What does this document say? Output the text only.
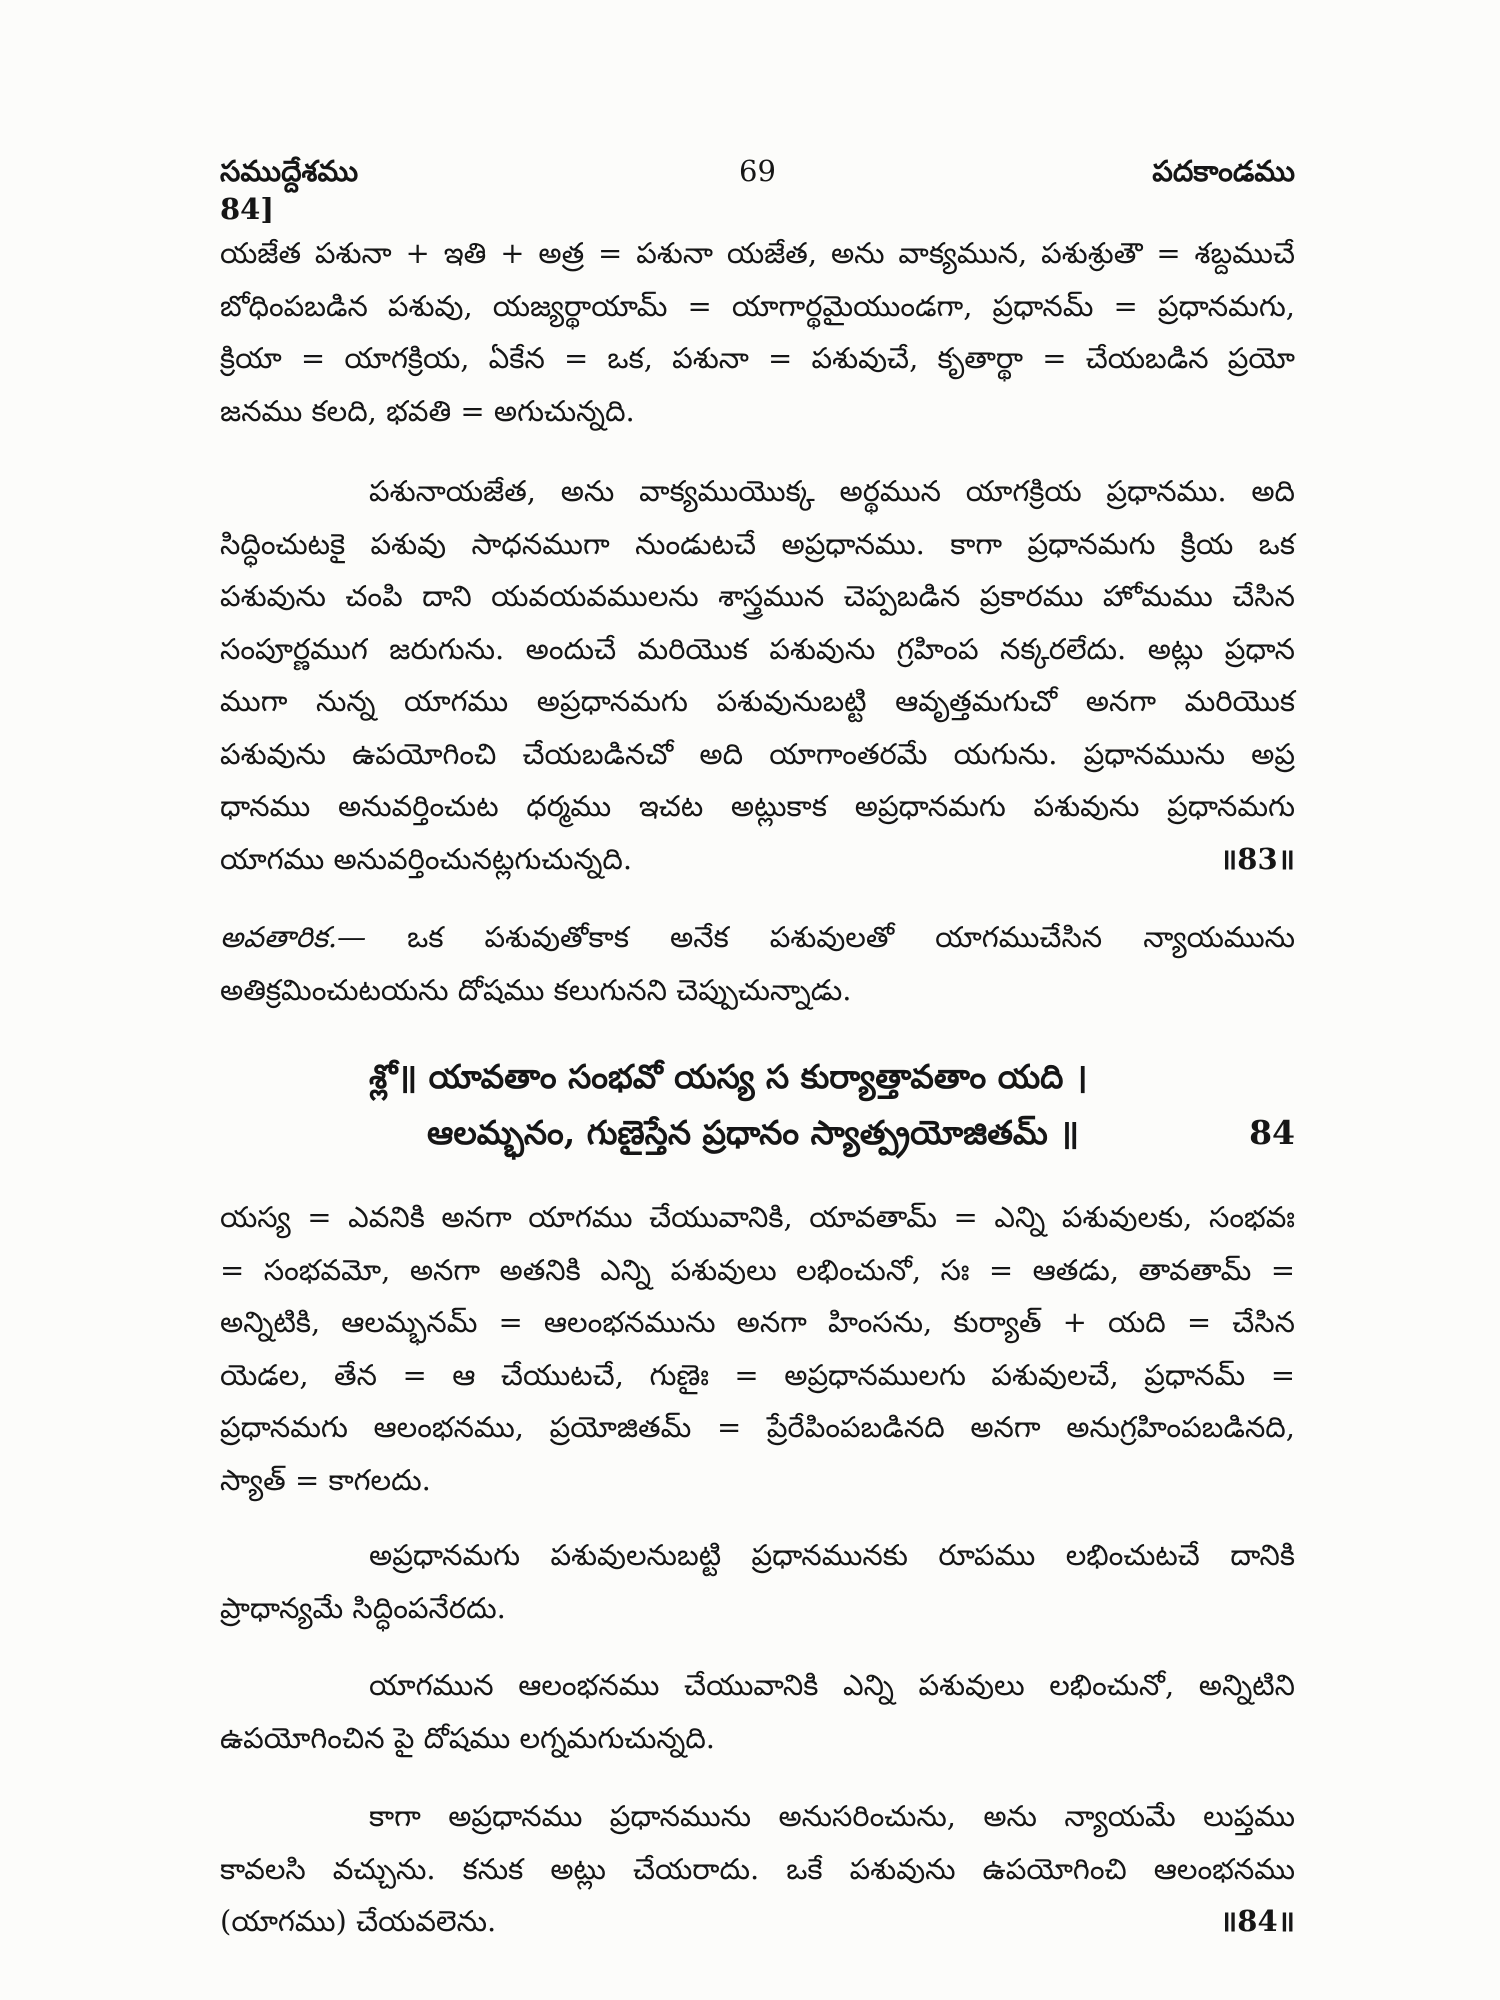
సముద్దేశము	69	పదకాండము
84]
యజేత పశునా + ఇతి + అత్ర = పశునా యజేత, అను వాక్యమున, పశుశ్రుతౌ = శబ్దముచే
బోధింపబడిన పశువు, యజ్యర్థాయామ్ = యాగార్థమైయుండగా, ప్రధానమ్ = ప్రధానమగు,
క్రియా = యాగక్రియ, ఏకేన = ఒక, పశునా = పశువుచే, కృతార్థా = చేయబడిన ప్రయో
జనము కలది, భవతి = అగుచున్నది.
పశునాయజేత, అను వాక్యముయొక్క అర్థమున యాగక్రియ ప్రధానము. అది
సిద్ధించుటకై పశువు సాధనముగా నుండుటచే అప్రధానము. కాగా ప్రధానమగు క్రియ ఒక
పశువును చంపి దాని యవయవములను శాస్త్రమున చెప్పబడిన ప్రకారము హోమము చేసిన
సంపూర్ణముగ జరుగును. అందుచే మరియొక పశువును గ్రహింప నక్కరలేదు. అట్లు ప్రధాన
ముగా నున్న యాగము అప్రధానమగు పశువునుబట్టి ఆవృత్తమగుచో అనగా మరియొక
పశువును ఉపయోగించి చేయబడినచో అది యాగాంతరమే యగును. ప్రధానమును అప్ర
ధానము అనువర్తించుట ధర్మము ఇచట అట్లుకాక అప్రధానమగు పశువును ప్రధానమగు
యాగము అనువర్తించునట్లగుచున్నది.	॥83॥
అవతారిక.— ఒక పశువుతోకాక అనేక పశువులతో యాగముచేసిన న్యాయమును
అతిక్రమించుటయను దోషము కలుగునని చెప్పుచున్నాడు.
శ్లో॥ యావతాం సంభవో యస్య స కుర్యాత్తావతాం యది ।
ఆలమ్భనం, గుణైస్తేన ప్రధానం స్యాత్ప్రయోజితమ్ ॥	84
యస్య = ఎవనికి అనగా యాగము చేయువానికి, యావతామ్ = ఎన్ని పశువులకు, సంభవః
= సంభవమో, అనగా అతనికి ఎన్ని పశువులు లభించునో, సః = ఆతడు, తావతామ్ =
అన్నిటికి, ఆలమ్భనమ్ = ఆలంభనమును అనగా హింసను, కుర్యాత్ + యది = చేసిన
యెడల, తేన = ఆ చేయుటచే, గుణైః = అప్రధానములగు పశువులచే, ప్రధానమ్ =
ప్రధానమగు ఆలంభనము, ప్రయోజితమ్ = ప్రేరేపింపబడినది అనగా అనుగ్రహింపబడినది,
స్యాత్ = కాగలదు.
అప్రధానమగు పశువులనుబట్టి ప్రధానమునకు రూపము లభించుటచే దానికి
ప్రాధాన్యమే సిద్ధింపనేరదు.
యాగమున ఆలంభనము చేయువానికి ఎన్ని పశువులు లభించునో, అన్నిటిని
ఉపయోగించిన పై దోషము లగ్నమగుచున్నది.
కాగా అప్రధానము ప్రధానమును అనుసరించును, అను న్యాయమే లుప్తము
కావలసి వచ్చును. కనుక అట్లు చేయరాదు. ఒకే పశువును ఉపయోగించి ఆలంభనము
(యాగము) చేయవలెను.	॥84॥
